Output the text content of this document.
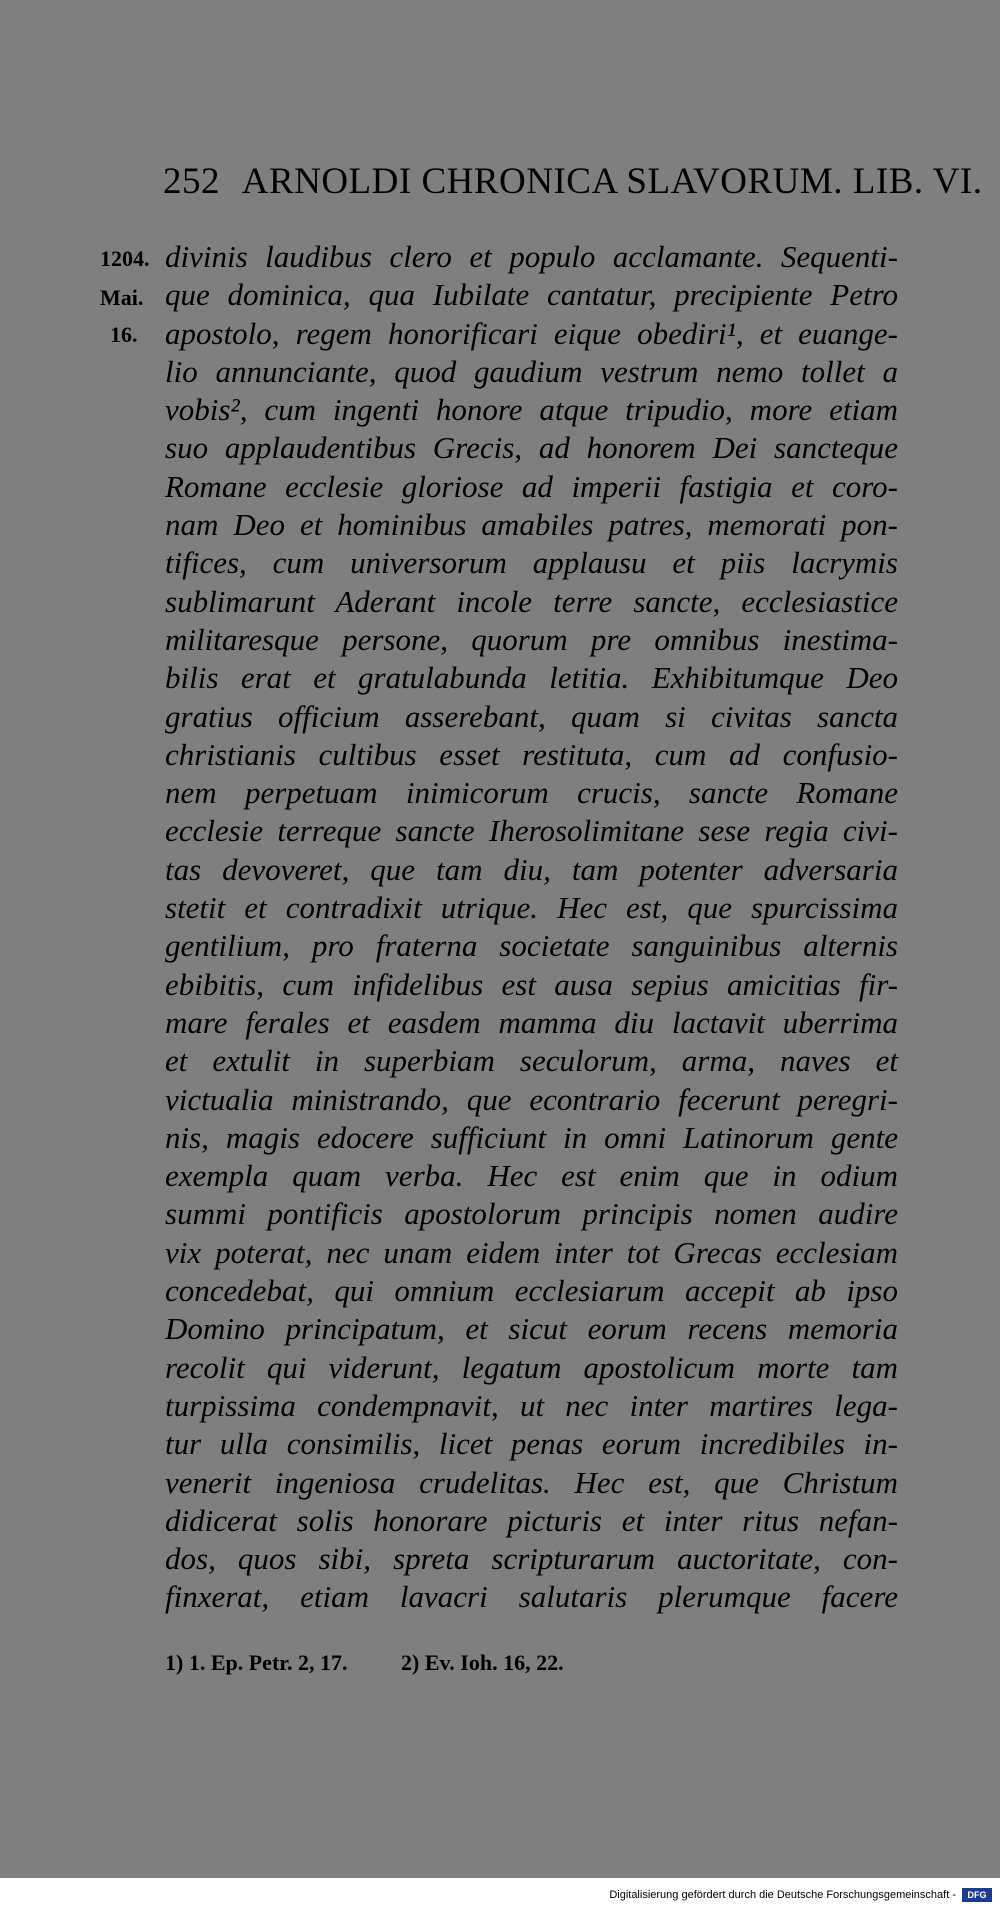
252 ARNOLDI CHRONICA SLAVORUM. LIB. VI.
1204.
Mai.
16.
divinis laudibus clero et populo acclamante. Sequenti-
que dominica, qua Iubilate cantatur, precipiente Petro
apostolo, regem honorificari eique obediri¹, et euange-
lio annunciante, quod gaudium vestrum nemo tollet a
vobis², cum ingenti honore atque tripudio, more etiam
suo applaudentibus Grecis, ad honorem Dei sancteque
Romane ecclesie gloriose ad imperii fastigia et coro-
nam Deo et hominibus amabiles patres, memorati pon-
tifices, cum universorum applausu et piis lacrymis
sublimarunt Aderant incole terre sancte, ecclesiastice
militaresque persone, quorum pre omnibus inestima-
bilis erat et gratulabunda letitia. Exhibitumque Deo
gratius officium asserebant, quam si civitas sancta
christianis cultibus esset restituta, cum ad confusio-
nem perpetuam inimicorum crucis, sancte Romane
ecclesie terreque sancte Iherosolimitane sese regia civi-
tas devoveret, que tam diu, tam potenter adversaria
stetit et contradixit utrique. Hec est, que spurcissima
gentilium, pro fraterna societate sanguinibus alternis
ebibitis, cum infidelibus est ausa sepius amicitias fir-
mare ferales et easdem mamma diu lactavit uberrima
et extulit in superbiam seculorum, arma, naves et
victualia ministrando, que econtrario fecerunt peregri-
nis, magis edocere sufficiunt in omni Latinorum gente
exempla quam verba. Hec est enim que in odium
summi pontificis apostolorum principis nomen audire
vix poterat, nec unam eidem inter tot Grecas ecclesiam
concedebat, qui omnium ecclesiarum accepit ab ipso
Domino principatum, et sicut eorum recens memoria
recolit qui viderunt, legatum apostolicum morte tam
turpissima condempnavit, ut nec inter martires lega-
tur ulla consimilis, licet penas eorum incredibiles in-
venerit ingeniosa crudelitas. Hec est, que Christum
didicerat solis honorare picturis et inter ritus nefan-
dos, quos sibi, spreta scripturarum auctoritate, con-
finxerat, etiam lavacri salutaris plerumque facere
1) 1. Ep. Petr. 2, 17. 2) Ev. Ioh. 16, 22.
Digitalisierung gefördert durch die Deutsche Forschungsgemeinschaft -	DFG
